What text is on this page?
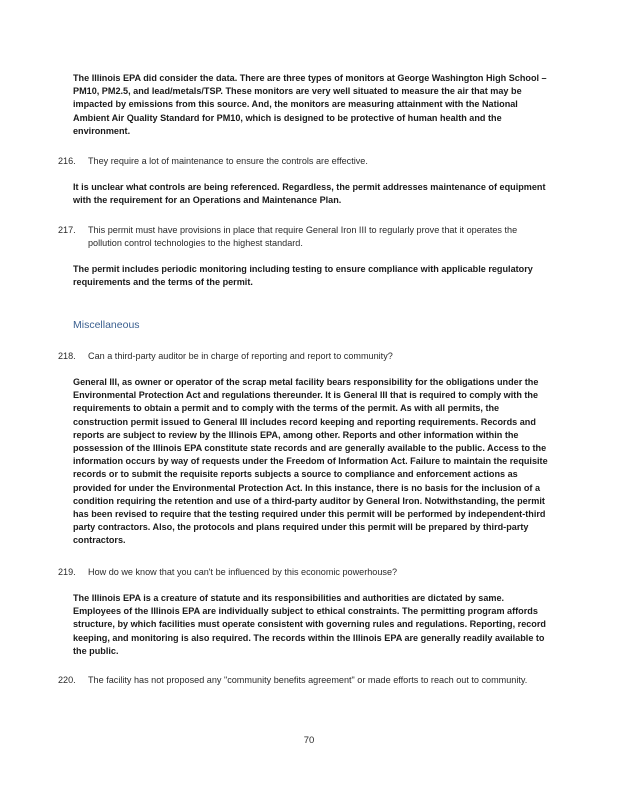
The Illinois EPA did consider the data. There are three types of monitors at George Washington High School – PM10, PM2.5, and lead/metals/TSP. These monitors are very well situated to measure the air that may be impacted by emissions from this source. And, the monitors are measuring attainment with the National Ambient Air Quality Standard for PM10, which is designed to be protective of human health and the environment.

216.	They require a lot of maintenance to ensure the controls are effective.

It is unclear what controls are being referenced. Regardless, the permit addresses maintenance of equipment with the requirement for an Operations and Maintenance Plan.

217.	This permit must have provisions in place that require General Iron III to regularly prove that it operates the pollution control technologies to the highest standard.

The permit includes periodic monitoring including testing to ensure compliance with applicable regulatory requirements and the terms of the permit.

Miscellaneous
218.	Can a third-party auditor be in charge of reporting and report to community?

General III, as owner or operator of the scrap metal facility bears responsibility for the obligations under the Environmental Protection Act and regulations thereunder. It is General III that is required to comply with the requirements to obtain a permit and to comply with the terms of the permit. As with all permits, the construction permit issued to General III includes record keeping and reporting requirements. Records and reports are subject to review by the Illinois EPA, among other. Reports and other information within the possession of the Illinois EPA constitute state records and are generally available to the public. Access to the information occurs by way of requests under the Freedom of Information Act. Failure to maintain the requisite records or to submit the requisite reports subjects a source to compliance and enforcement actions as provided for under the Environmental Protection Act. In this instance, there is no basis for the inclusion of a condition requiring the retention and use of a third-party auditor by General Iron. Notwithstanding, the permit has been revised to require that the testing required under this permit will be performed by independent-third party contractors. Also, the protocols and plans required under this permit will be prepared by third-party contractors.

219.	How do we know that you can't be influenced by this economic powerhouse?

The Illinois EPA is a creature of statute and its responsibilities and authorities are dictated by same. Employees of the Illinois EPA are individually subject to ethical constraints. The permitting program affords structure, by which facilities must operate consistent with governing rules and regulations. Reporting, record keeping, and monitoring is also required. The records within the Illinois EPA are generally readily available to the public.

220.	The facility has not proposed any "community benefits agreement" or made efforts to reach out to community.
70
